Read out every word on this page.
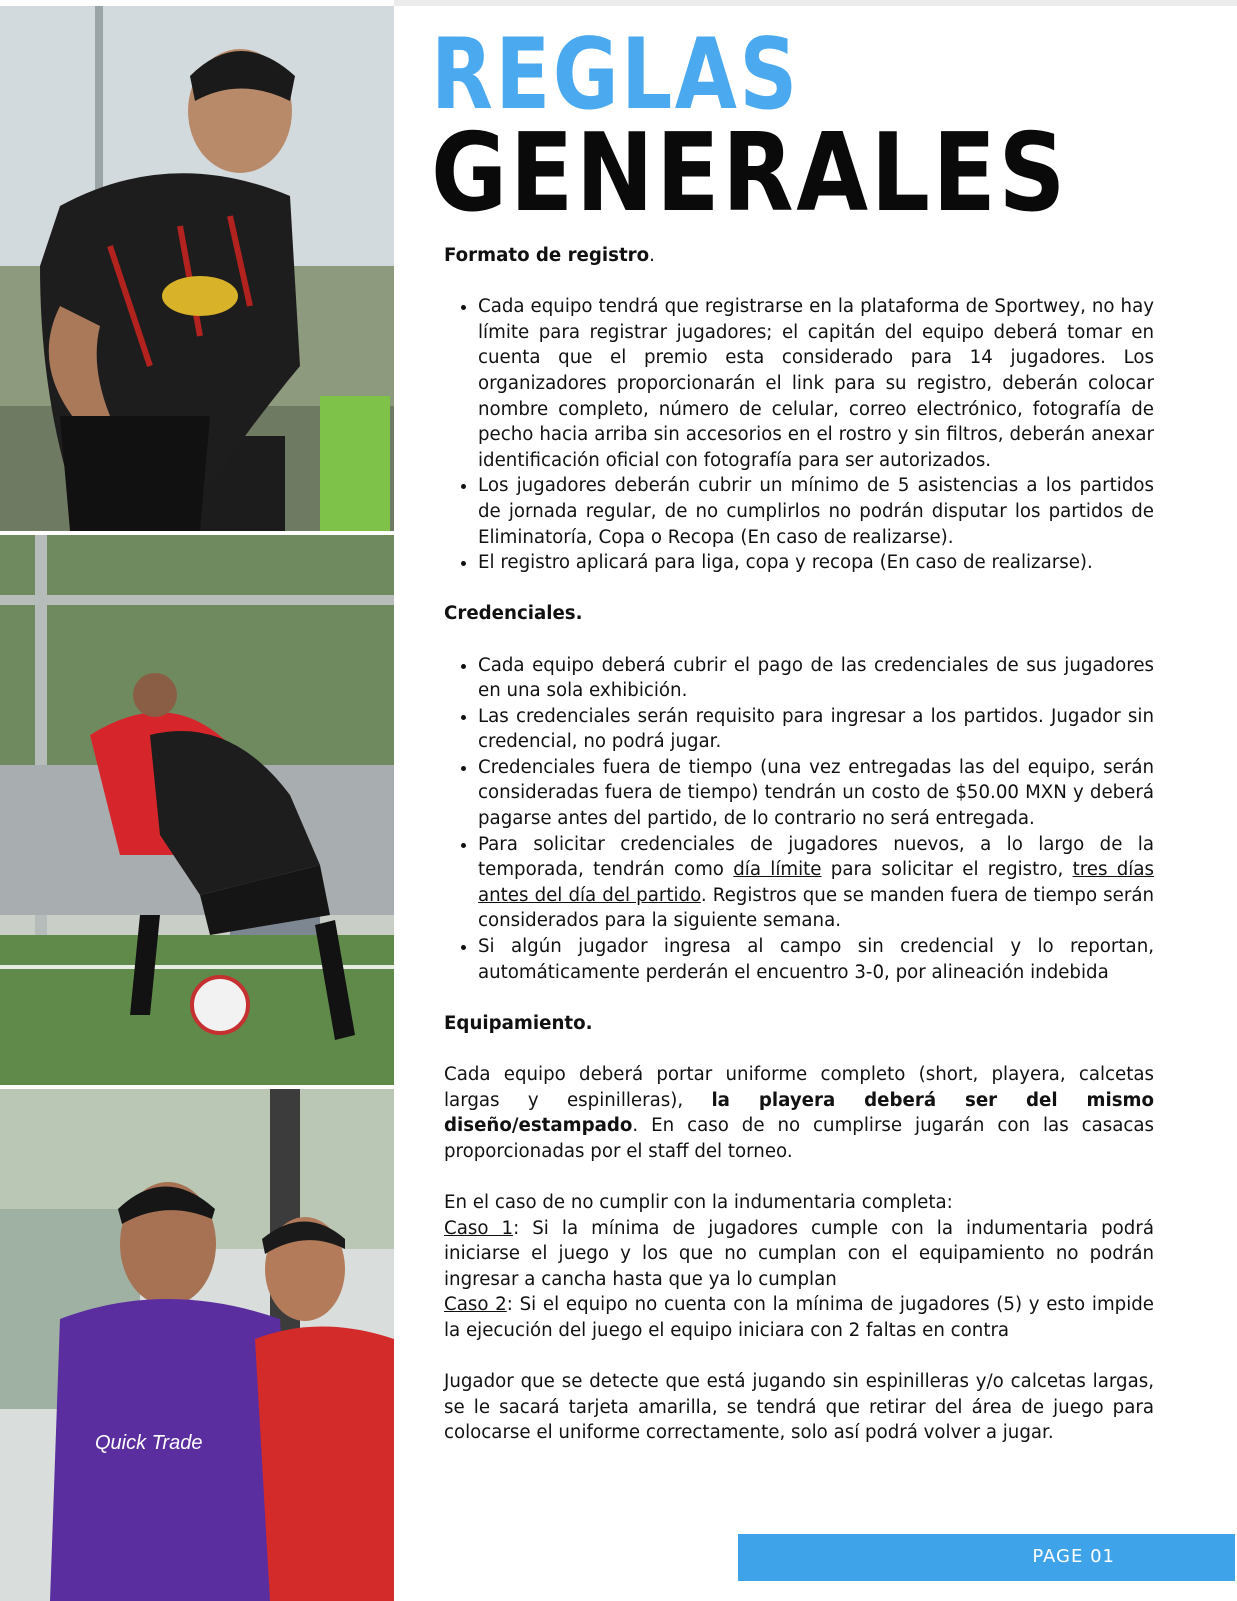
Quick Trade
REGLAS
GENERALES

Formato de registro.

• Cada equipo tendrá que registrarse en la plataforma de Sportwey, no hay límite para registrar jugadores; el capitán del equipo deberá tomar en cuenta que el premio esta considerado para 14 jugadores. Los organizadores proporcionarán el link para su registro, deberán colocar nombre completo, número de celular, correo electrónico, fotografía de pecho hacia arriba sin accesorios en el rostro y sin filtros, deberán anexar identificación oficial con fotografía para ser autorizados.
• Los jugadores deberán cubrir un mínimo de 5 asistencias a los partidos de jornada regular, de no cumplirlos no podrán disputar los partidos de Eliminatoría, Copa o Recopa (En caso de realizarse).
• El registro aplicará para liga, copa y recopa (En caso de realizarse).

Credenciales.

• Cada equipo deberá cubrir el pago de las credenciales de sus jugadores en una sola exhibición.
• Las credenciales serán requisito para ingresar a los partidos. Jugador sin credencial, no podrá jugar.
• Credenciales fuera de tiempo (una vez entregadas las del equipo, serán consideradas fuera de tiempo) tendrán un costo de $50.00 MXN y deberá pagarse antes del partido, de lo contrario no será entregada.
• Para solicitar credenciales de jugadores nuevos, a lo largo de la temporada, tendrán como día límite para solicitar el registro, tres días antes del día del partido. Registros que se manden fuera de tiempo serán considerados para la siguiente semana.
• Si algún jugador ingresa al campo sin credencial y lo reportan, automáticamente perderán el encuentro 3-0, por alineación indebida

Equipamiento.

Cada equipo deberá portar uniforme completo (short, playera, calcetas largas y espinilleras), la playera deberá ser del mismo diseño/estampado. En caso de no cumplirse jugarán con las casacas proporcionadas por el staff del torneo.

En el caso de no cumplir con la indumentaria completa:

Caso 1: Si la mínima de jugadores cumple con la indumentaria podrá iniciarse el juego y los que no cumplan con el equipamiento no podrán ingresar a cancha hasta que ya lo cumplan

Caso 2: Si el equipo no cuenta con la mínima de jugadores (5) y esto impide la ejecución del juego el equipo iniciara con 2 faltas en contra

Jugador que se detecte que está jugando sin espinilleras y/o calcetas largas, se le sacará tarjeta amarilla, se tendrá que retirar del área de juego para colocarse el uniforme correctamente, solo así podrá volver a jugar.

PAGE 01
